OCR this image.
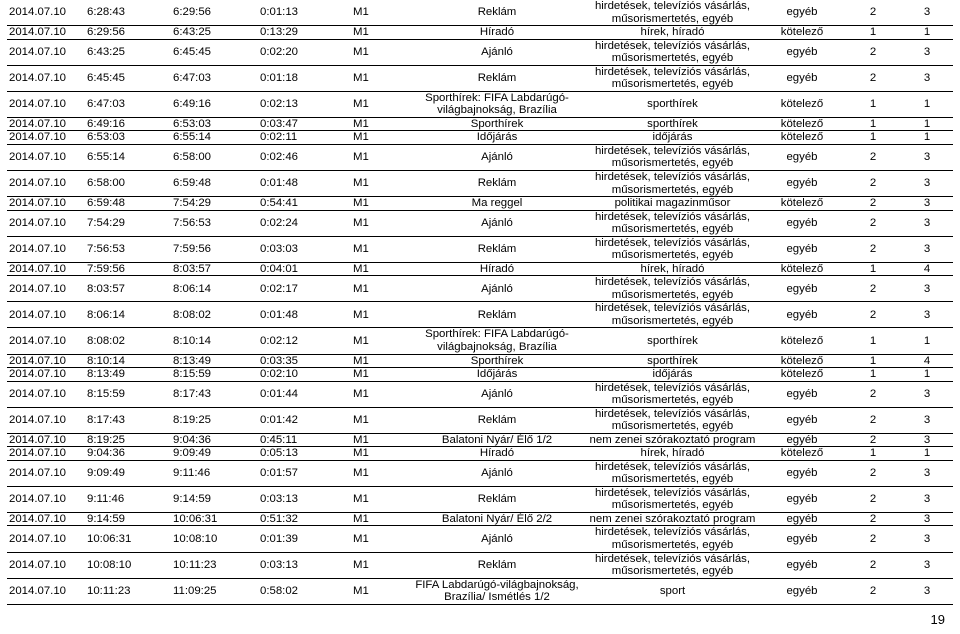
2014.07.10	6:28:43	6:29:56	0:01:13	M1	Reklám	hirdetések, televíziós vásárlás, műsorismertetés, egyéb	egyéb	2	3
2014.07.10	6:29:56	6:43:25	0:13:29	M1	Híradó	hírek, híradó	kötelező	1	1
2014.07.10	6:43:25	6:45:45	0:02:20	M1	Ajánló	hirdetések, televíziós vásárlás, műsorismertetés, egyéb	egyéb	2	3
2014.07.10	6:45:45	6:47:03	0:01:18	M1	Reklám	hirdetések, televíziós vásárlás, műsorismertetés, egyéb	egyéb	2	3
2014.07.10	6:47:03	6:49:16	0:02:13	M1	Sporthírek: FIFA Labdarúgó-világbajnokság, Brazília	sporthírek	kötelező	1	1
2014.07.10	6:49:16	6:53:03	0:03:47	M1	Sporthírek	sporthírek	kötelező	1	1
2014.07.10	6:53:03	6:55:14	0:02:11	M1	Időjárás	időjárás	kötelező	1	1
2014.07.10	6:55:14	6:58:00	0:02:46	M1	Ajánló	hirdetések, televíziós vásárlás, műsorismertetés, egyéb	egyéb	2	3
2014.07.10	6:58:00	6:59:48	0:01:48	M1	Reklám	hirdetések, televíziós vásárlás, műsorismertetés, egyéb	egyéb	2	3
2014.07.10	6:59:48	7:54:29	0:54:41	M1	Ma reggel	politikai magazinműsor	kötelező	2	3
2014.07.10	7:54:29	7:56:53	0:02:24	M1	Ajánló	hirdetések, televíziós vásárlás, műsorismertetés, egyéb	egyéb	2	3
2014.07.10	7:56:53	7:59:56	0:03:03	M1	Reklám	hirdetések, televíziós vásárlás, műsorismertetés, egyéb	egyéb	2	3
2014.07.10	7:59:56	8:03:57	0:04:01	M1	Híradó	hírek, híradó	kötelező	1	4
2014.07.10	8:03:57	8:06:14	0:02:17	M1	Ajánló	hirdetések, televíziós vásárlás, műsorismertetés, egyéb	egyéb	2	3
2014.07.10	8:06:14	8:08:02	0:01:48	M1	Reklám	hirdetések, televíziós vásárlás, műsorismertetés, egyéb	egyéb	2	3
2014.07.10	8:08:02	8:10:14	0:02:12	M1	Sporthírek: FIFA Labdarúgó-világbajnokság, Brazília	sporthírek	kötelező	1	1
2014.07.10	8:10:14	8:13:49	0:03:35	M1	Sporthírek	sporthírek	kötelező	1	4
2014.07.10	8:13:49	8:15:59	0:02:10	M1	Időjárás	időjárás	kötelező	1	1
2014.07.10	8:15:59	8:17:43	0:01:44	M1	Ajánló	hirdetések, televíziós vásárlás, műsorismertetés, egyéb	egyéb	2	3
2014.07.10	8:17:43	8:19:25	0:01:42	M1	Reklám	hirdetések, televíziós vásárlás, műsorismertetés, egyéb	egyéb	2	3
2014.07.10	8:19:25	9:04:36	0:45:11	M1	Balatoni Nyár/ Élő 1/2	nem zenei szórakoztató program	egyéb	2	3
2014.07.10	9:04:36	9:09:49	0:05:13	M1	Híradó	hírek, híradó	kötelező	1	1
2014.07.10	9:09:49	9:11:46	0:01:57	M1	Ajánló	hirdetések, televíziós vásárlás, műsorismertetés, egyéb	egyéb	2	3
2014.07.10	9:11:46	9:14:59	0:03:13	M1	Reklám	hirdetések, televíziós vásárlás, műsorismertetés, egyéb	egyéb	2	3
2014.07.10	9:14:59	10:06:31	0:51:32	M1	Balatoni Nyár/ Élő 2/2	nem zenei szórakoztató program	egyéb	2	3
2014.07.10	10:06:31	10:08:10	0:01:39	M1	Ajánló	hirdetések, televíziós vásárlás, műsorismertetés, egyéb	egyéb	2	3
2014.07.10	10:08:10	10:11:23	0:03:13	M1	Reklám	hirdetések, televíziós vásárlás, műsorismertetés, egyéb	egyéb	2	3
2014.07.10	10:11:23	11:09:25	0:58:02	M1	FIFA Labdarúgó-világbajnokság, Brazília/ Ismétlés 1/2	sport	egyéb	2	3
19
